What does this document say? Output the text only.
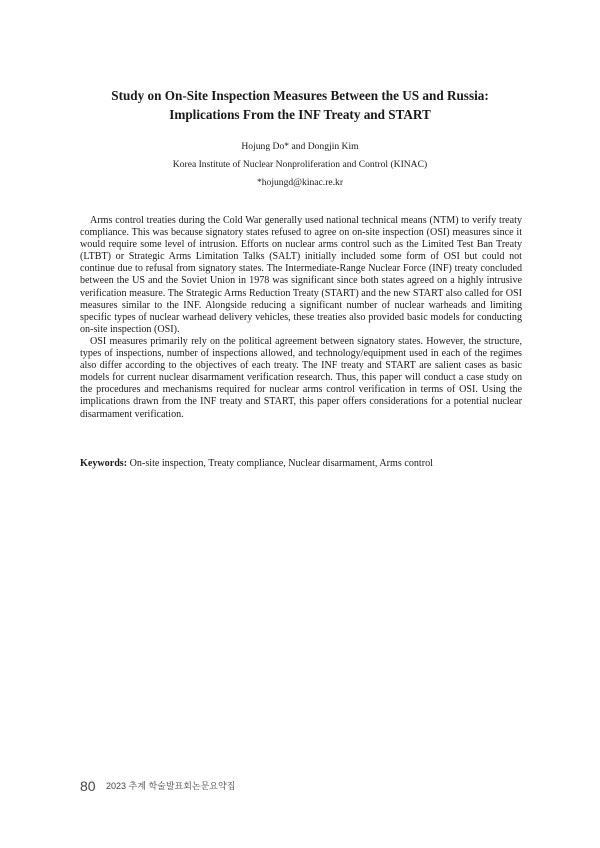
Study on On-Site Inspection Measures Between the US and Russia:
Implications From the INF Treaty and START
Hojung Do* and Dongjin Kim
Korea Institute of Nuclear Nonproliferation and Control (KINAC)
*hojungd@kinac.re.kr

Arms control treaties during the Cold War generally used national technical means (NTM) to verify treaty compliance. This was because signatory states refused to agree on on-site inspection (OSI) measures since it would require some level of intrusion. Efforts on nuclear arms control such as the Limited Test Ban Treaty (LTBT) or Strategic Arms Limitation Talks (SALT) initially included some form of OSI but could not continue due to refusal from signatory states. The Intermediate-Range Nuclear Force (INF) treaty concluded between the US and the Soviet Union in 1978 was significant since both states agreed on a highly intrusive verification measure. The Strategic Arms Reduction Treaty (START) and the new START also called for OSI measures similar to the INF. Alongside reducing a significant number of nuclear warheads and limiting specific types of nuclear warhead delivery vehicles, these treaties also provided basic models for conducting on-site inspection (OSI).

OSI measures primarily rely on the political agreement between signatory states. However, the structure, types of inspections, number of inspections allowed, and technology/equipment used in each of the regimes also differ according to the objectives of each treaty. The INF treaty and START are salient cases as basic models for current nuclear disarmament verification research. Thus, this paper will conduct a case study on the procedures and mechanisms required for nuclear arms control verification in terms of OSI. Using the implications drawn from the INF treaty and START, this paper offers considerations for a potential nuclear disarmament verification.

Keywords: On-site inspection, Treaty compliance, Nuclear disarmament, Arms control
80 2023 추계 학술발표회논문요약집
